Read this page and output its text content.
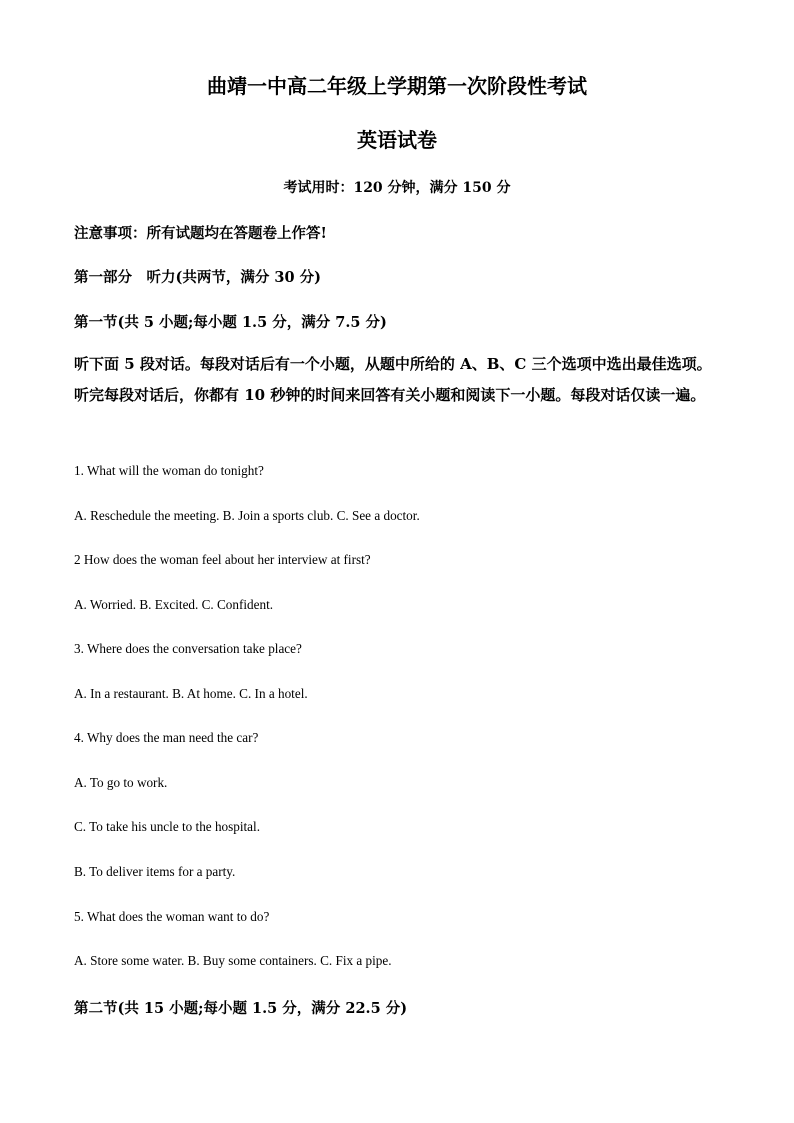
曲靖一中高二年级上学期第一次阶段性考试
英语试卷
考试用时：120 分钟，满分 150 分
注意事项：所有试题均在答题卷上作答!
第一部分　听力(共两节，满分 30 分)
第一节(共 5 小题;每小题 1.5 分，满分 7.5 分)
听下面 5 段对话。每段对话后有一个小题，从题中所给的 A、B、C 三个选项中选出最佳选项。听完每段对话后，你都有 10 秒钟的时间来回答有关小题和阅读下一小题。每段对话仅读一遍。
1. What will the woman do tonight?
A. Reschedule the meeting. B. Join a sports club. C. See a doctor.
2 How does the woman feel about her interview at first?
A. Worried. B. Excited. C. Confident.
3. Where does the conversation take place?
A. In a restaurant. B. At home. C. In a hotel.
4. Why does the man need the car?
A. To go to work.
C. To take his uncle to the hospital.
B. To deliver items for a party.
5. What does the woman want to do?
A. Store some water. B. Buy some containers. C. Fix a pipe.
第二节(共 15 小题;每小题 1.5 分，满分 22.5 分)
